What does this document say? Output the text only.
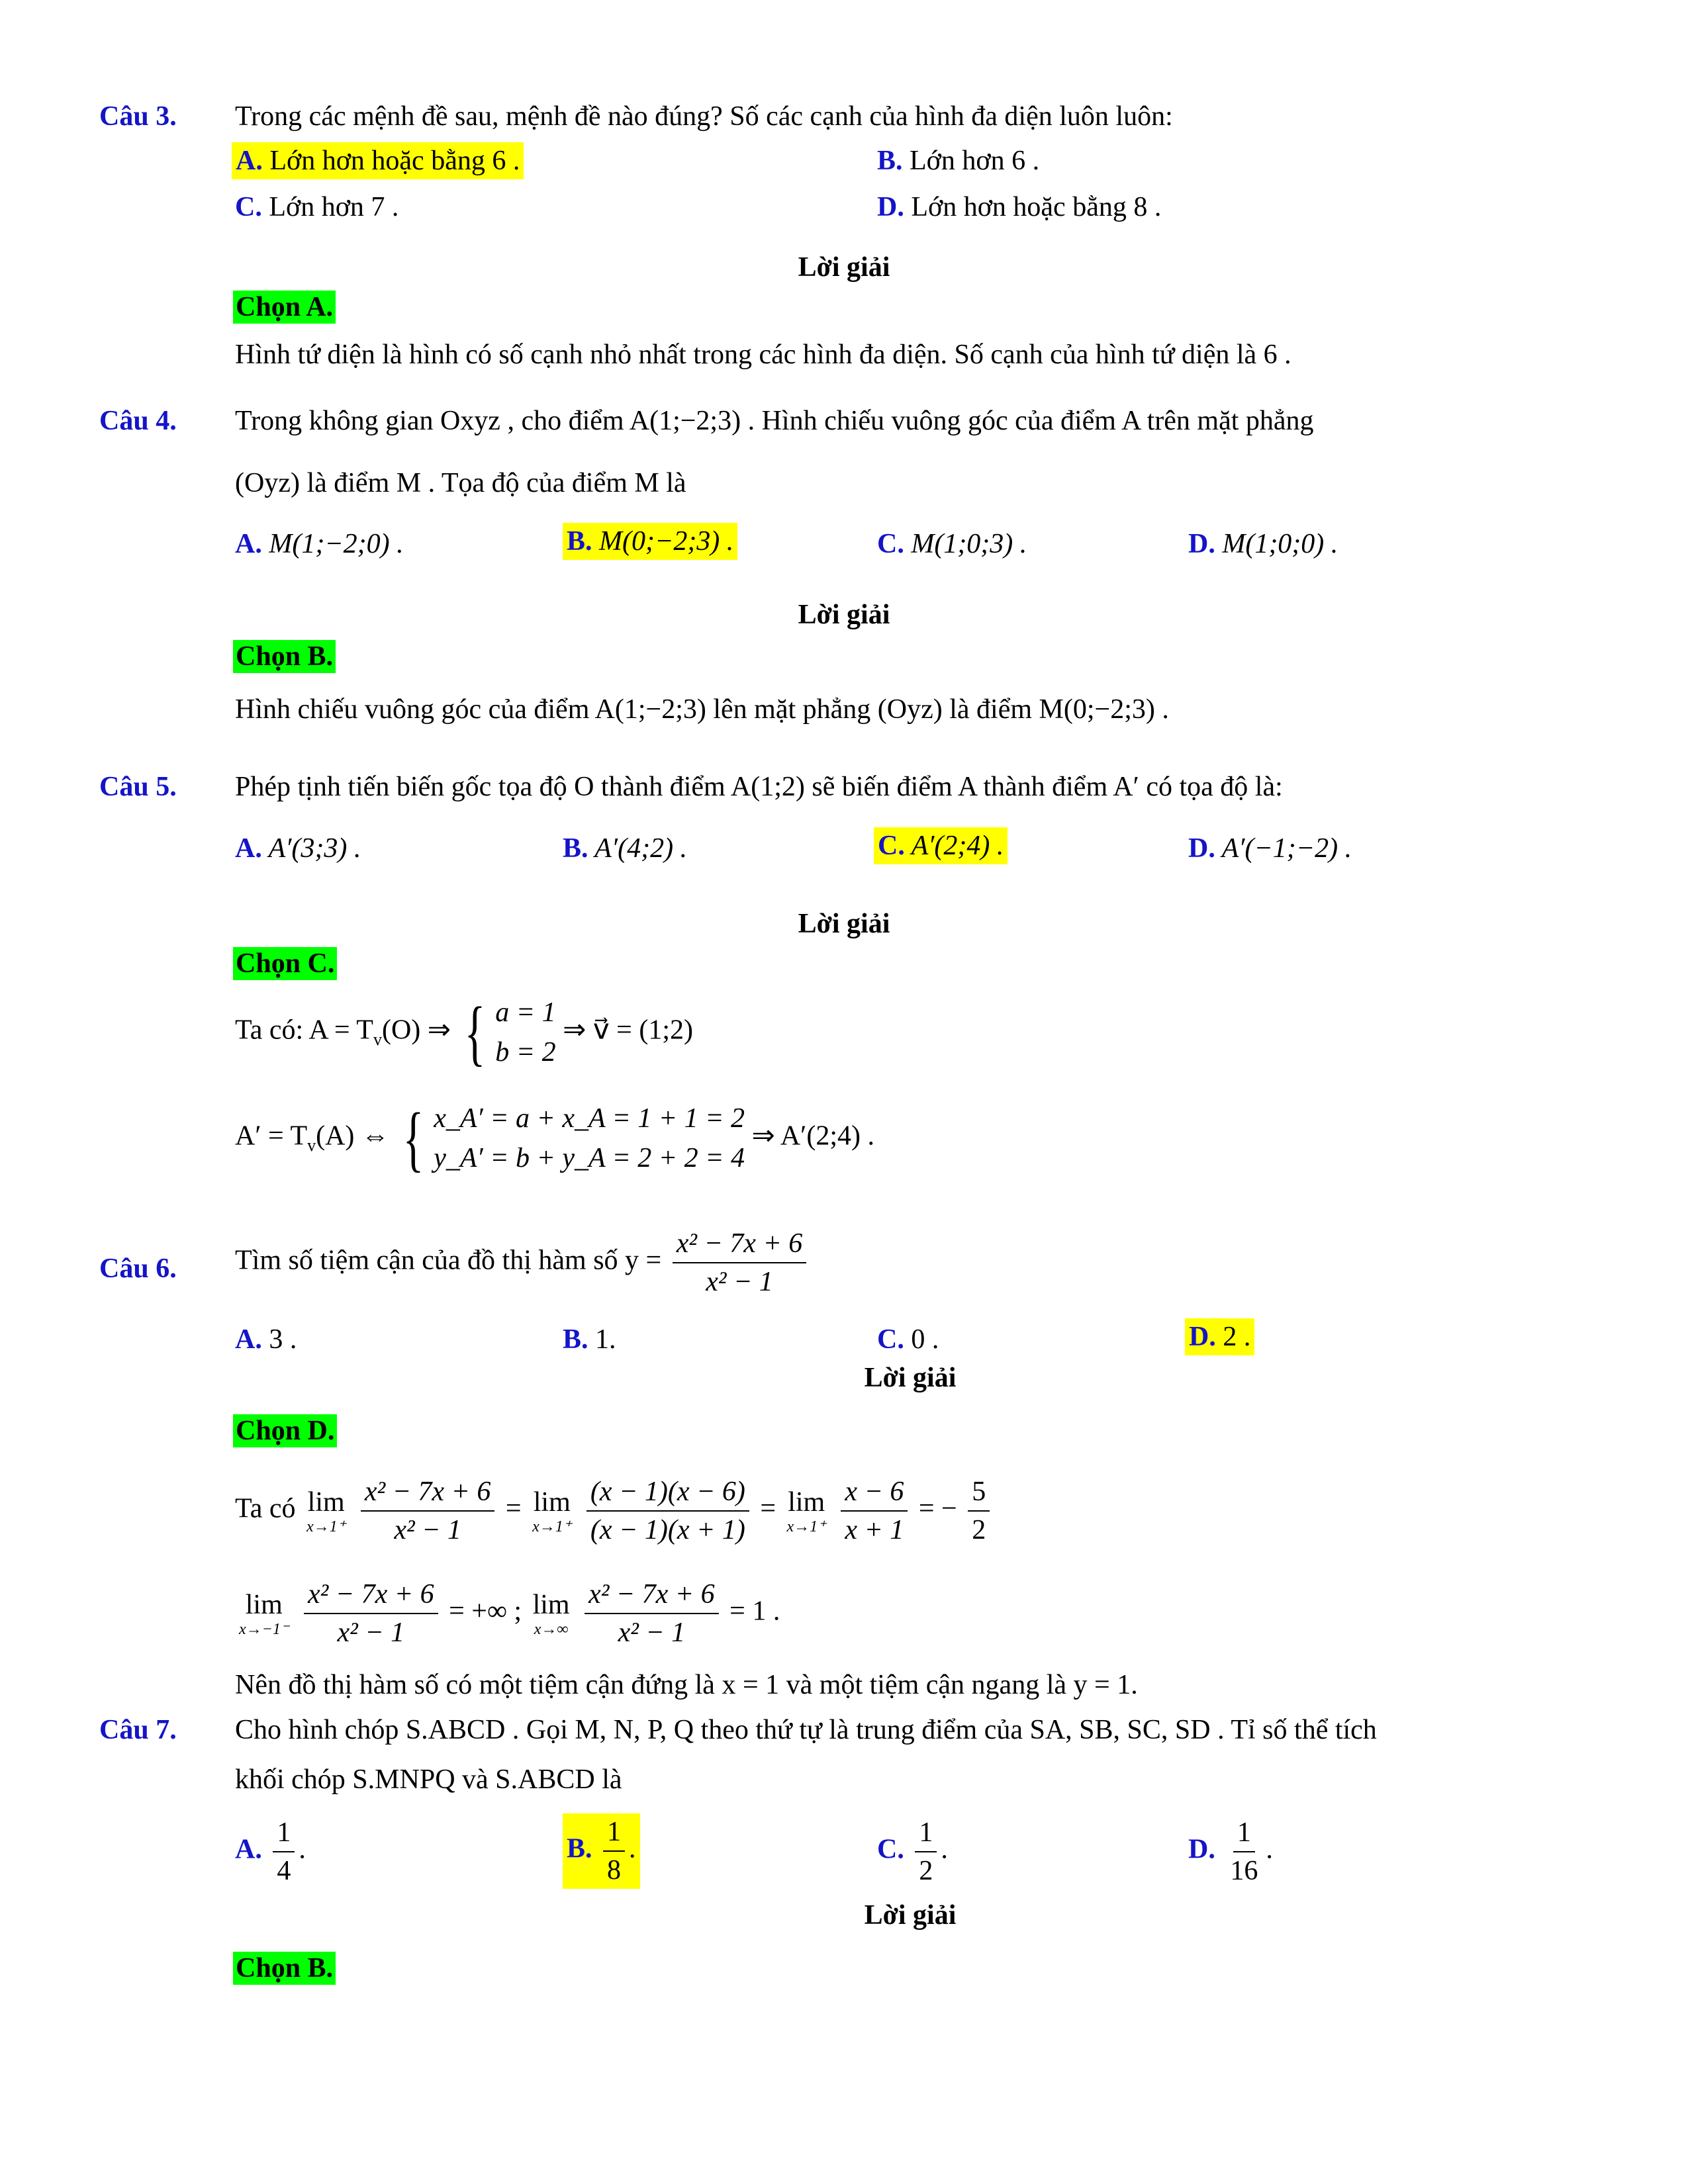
Câu 3. Trong các mệnh đề sau, mệnh đề nào đúng? Số các cạnh của hình đa diện luôn luôn:
A. Lớn hơn hoặc bằng 6 .	B. Lớn hơn 6 .
C. Lớn hơn 7 .	D. Lớn hơn hoặc bằng 8 .
Lời giải
Chọn A.
Hình tứ diện là hình có số cạnh nhỏ nhất trong các hình đa diện. Số cạnh của hình tứ diện là 6 .
Câu 4. Trong không gian Oxyz , cho điểm A(1;−2;3) . Hình chiếu vuông góc của điểm A trên mặt phẳng
(Oyz) là điểm M . Tọa độ của điểm M là
A. M(1;−2;0) .	B. M(0;−2;3) .	C. M(1;0;3) .	D. M(1;0;0) .
Lời giải
Chọn B.
Hình chiếu vuông góc của điểm A(1;−2;3) lên mặt phẳng (Oyz) là điểm M(0;−2;3) .
Câu 5. Phép tịnh tiến biến gốc tọa độ O thành điểm A(1;2) sẽ biến điểm A thành điểm A′ có tọa độ là:
A. A′(3;3) .	B. A′(4;2) .	C. A′(2;4) .	D. A′(−1;−2) .
Lời giải
Chọn C.
Ta có: $A = T_v(O)$ ⇒ { a = 1
b = 2
⇒ v⃗ = (1;2)
$A' = T_v(A)$ ⇔ { x_A′ = a + x_A = 1 + 1 = 2
y_A′ = b + y_A = 2 + 2 = 4
⇒ A′(2;4) .
Câu 6. Tìm số tiệm cận của đồ thị hàm số $y = \frac{\text{x² − 7x + 6}}{\text{x² − 1}}$
A. 3 .	B. 1.	C. 0 .	D. 2 .
Lời giải
Chọn D.
Ta có lim
x→1⁺
$\frac{\text{x² − 7x + 6}}{\text{x² − 1}} = \lim$
x→1⁺
$\frac{(x - 1)(x - 6)}{(x - 1)(x + 1)} = \lim$
x→1⁺
$\frac{x - 6}{x + 1}$ = − $\frac{5}{2}$
lim
x→−1⁻
$\frac{\text{x² − 7x + 6}}{\text{x² − 1}}$ = +∞ ; lim
x→∞
$\frac{\text{x² − 7x + 6}}{\text{x² − 1}} = 1$ .
Nên đồ thị hàm số có một tiệm cận đứng là x = 1 và một tiệm cận ngang là y = 1.
Câu 7. Cho hình chóp S.ABCD . Gọi M, N, P, Q theo thứ tự là trung điểm của SA, SB, SC, SD . Tỉ số thể tích
khối chóp S.MNPQ và S.ABCD là
A. $\frac{1}{4}$ .	B. $\frac{1}{8}$ .	C. $\frac{1}{2}$ .	D. $\frac{1}{16}$ .
Lời giải
Chọn B.
